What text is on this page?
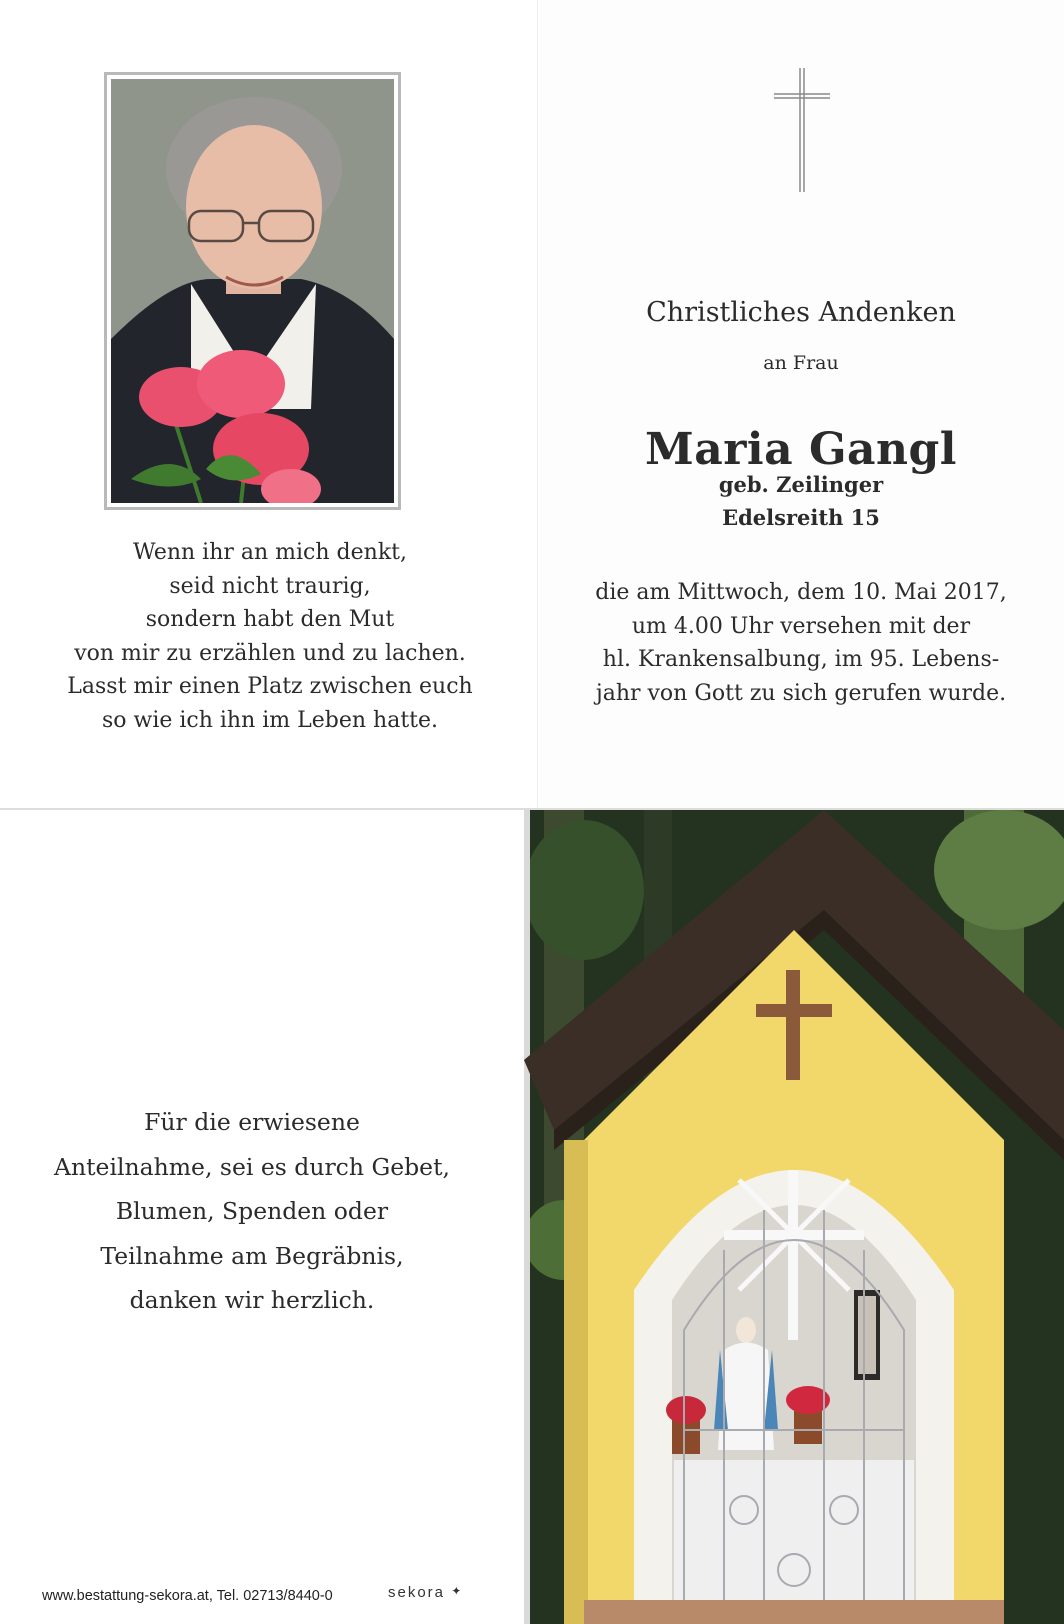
Wenn ihr an mich denkt,
seid nicht traurig,
sondern habt den Mut
von mir zu erzählen und zu lachen.
Lasst mir einen Platz zwischen euch
so wie ich ihn im Leben hatte.
Christliches Andenken
an Frau
Maria Gangl
geb. Zeilinger
Edelsreith 15
die am Mittwoch, dem 10. Mai 2017,
um 4.00 Uhr versehen mit der
hl. Krankensalbung, im 95. Lebens-
jahr von Gott zu sich gerufen wurde.
Für die erwiesene
Anteilnahme, sei es durch Gebet,
Blumen, Spenden oder
Teilnahme am Begräbnis,
danken wir herzlich.
www.bestattung-sekora.at, Tel. 02713/8440-0	sekora ✦
